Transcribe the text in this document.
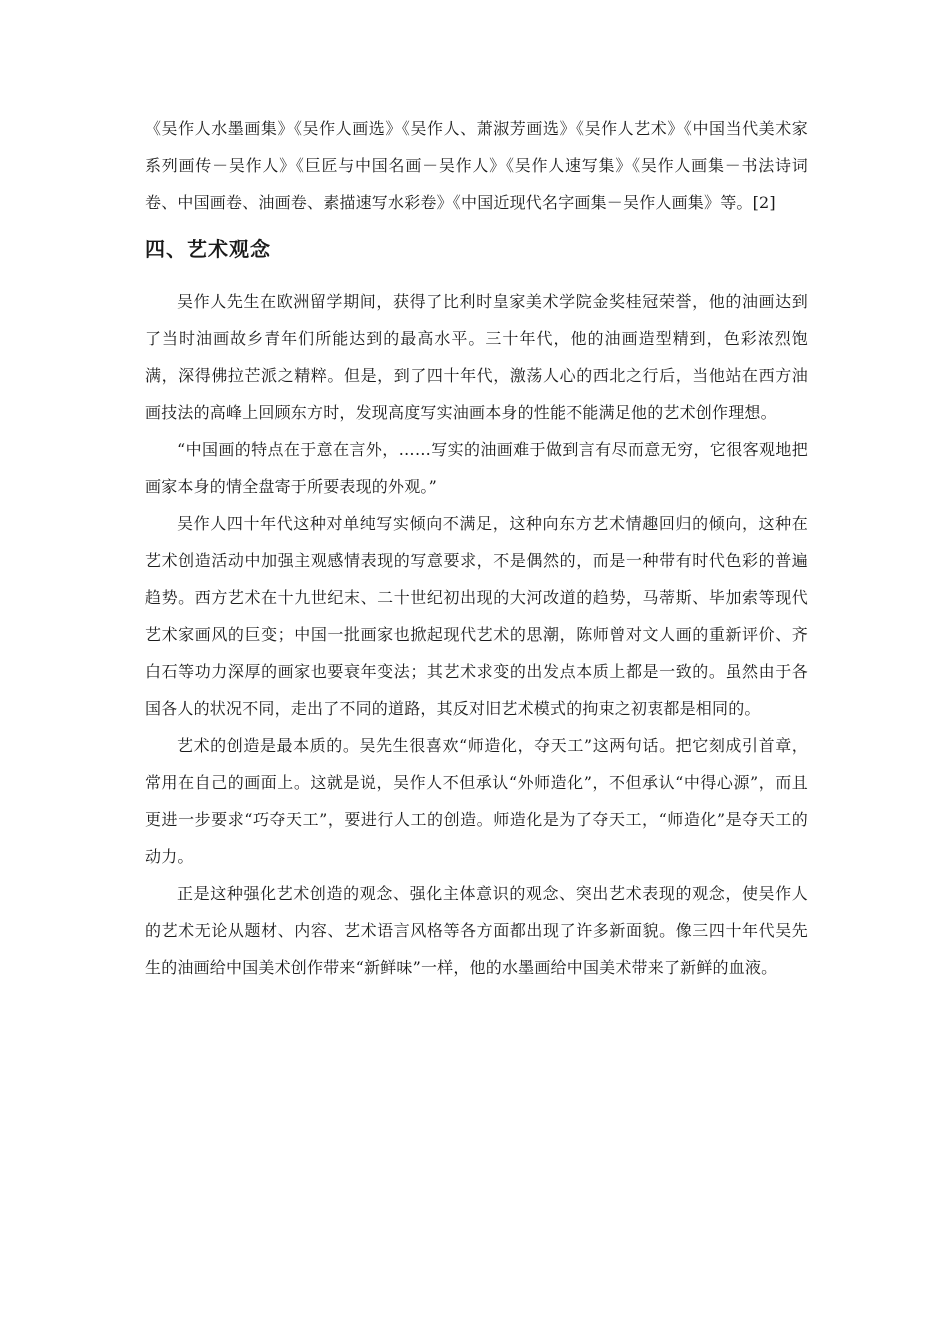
《吴作人水墨画集》《吴作人画选》《吴作人、萧淑芳画选》《吴作人艺术》《中国当代美术家系列画传－吴作人》《巨匠与中国名画－吴作人》《吴作人速写集》《吴作人画集－书法诗词卷、中国画卷、油画卷、素描速写水彩卷》《中国近现代名字画集－吴作人画集》等。[2]

四、艺术观念

吴作人先生在欧洲留学期间，获得了比利时皇家美术学院金奖桂冠荣誉，他的油画达到了当时油画故乡青年们所能达到的最高水平。三十年代，他的油画造型精到，色彩浓烈饱满，深得佛拉芒派之精粹。但是，到了四十年代，激荡人心的西北之行后，当他站在西方油画技法的高峰上回顾东方时，发现高度写实油画本身的性能不能满足他的艺术创作理想。

“中国画的特点在于意在言外，……写实的油画难于做到言有尽而意无穷，它很客观地把画家本身的情全盘寄于所要表现的外观。”

吴作人四十年代这种对单纯写实倾向不满足，这种向东方艺术情趣回归的倾向，这种在艺术创造活动中加强主观感情表现的写意要求，不是偶然的，而是一种带有时代色彩的普遍趋势。西方艺术在十九世纪末、二十世纪初出现的大河改道的趋势，马蒂斯、毕加索等现代艺术家画风的巨变；中国一批画家也掀起现代艺术的思潮，陈师曾对文人画的重新评价、齐白石等功力深厚的画家也要衰年变法；其艺术求变的出发点本质上都是一致的。虽然由于各国各人的状况不同，走出了不同的道路，其反对旧艺术模式的拘束之初衷都是相同的。

艺术的创造是最本质的。吴先生很喜欢“师造化，夺天工”这两句话。把它刻成引首章，常用在自己的画面上。这就是说，吴作人不但承认“外师造化”，不但承认“中得心源”，而且更进一步要求“巧夺天工”，要进行人工的创造。师造化是为了夺天工，“师造化”是夺天工的动力。

正是这种强化艺术创造的观念、强化主体意识的观念、突出艺术表现的观念，使吴作人的艺术无论从题材、内容、艺术语言风格等各方面都出现了许多新面貌。像三四十年代吴先生的油画给中国美术创作带来“新鲜味”一样，他的水墨画给中国美术带来了新鲜的血液。
